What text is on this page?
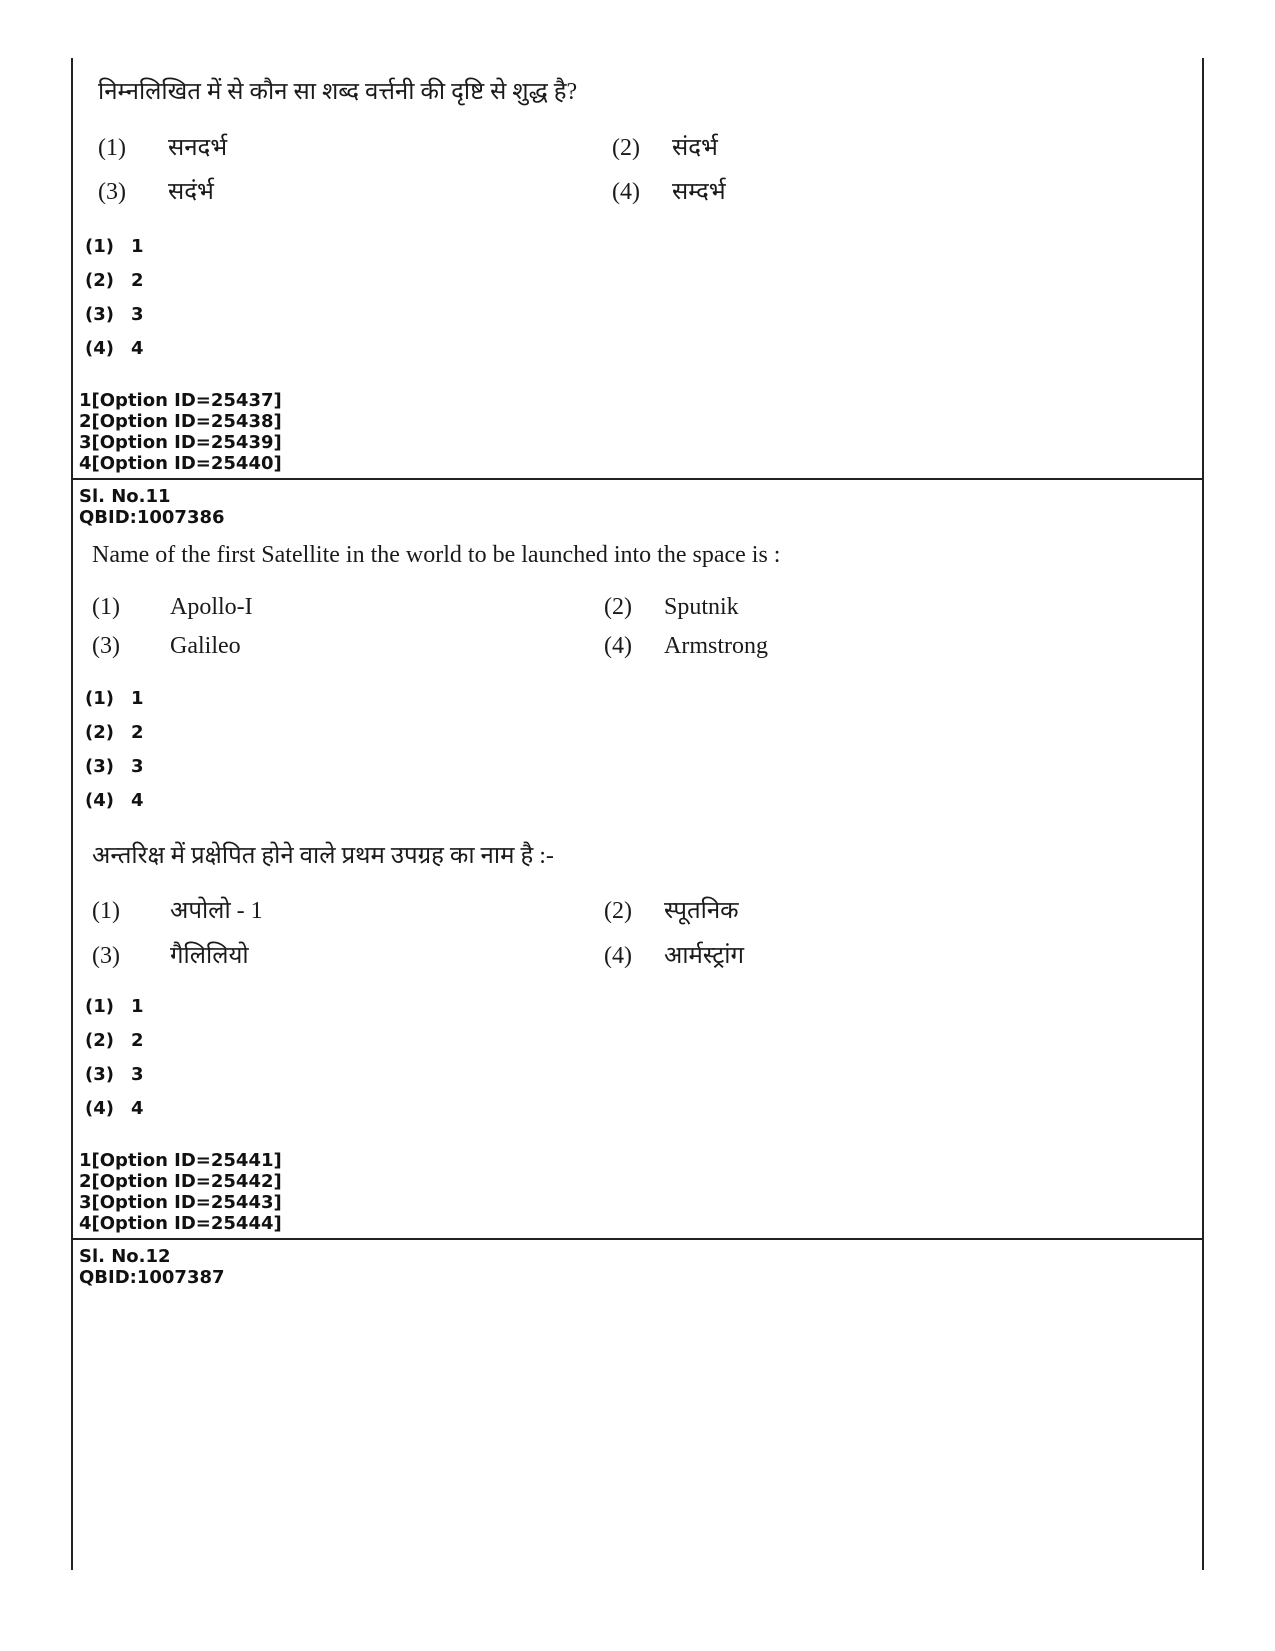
निम्नलिखित में से कौन सा शब्द वर्त्तनी की दृष्टि से शुद्ध है?
(1) सनदर्भ	(2) संदर्भ
(3) सदंर्भ	(4) सम्दर्भ
(1) 1
(2) 2
(3) 3
(4) 4
1[Option ID=25437]
2[Option ID=25438]
3[Option ID=25439]
4[Option ID=25440]
Sl. No.11
QBID:1007386
Name of the first Satellite in the world to be launched into the space is :
(1) Apollo-I	(2) Sputnik
(3) Galileo	(4) Armstrong
(1) 1
(2) 2
(3) 3
(4) 4
अन्तरिक्ष में प्रक्षेपित होने वाले प्रथम उपग्रह का नाम है :-
(1) अपोलो - 1	(2) स्पूतनिक
(3) गैलिलियो	(4) आर्मस्ट्रांग
(1) 1
(2) 2
(3) 3
(4) 4
1[Option ID=25441]
2[Option ID=25442]
3[Option ID=25443]
4[Option ID=25444]
Sl. No.12
QBID:1007387
